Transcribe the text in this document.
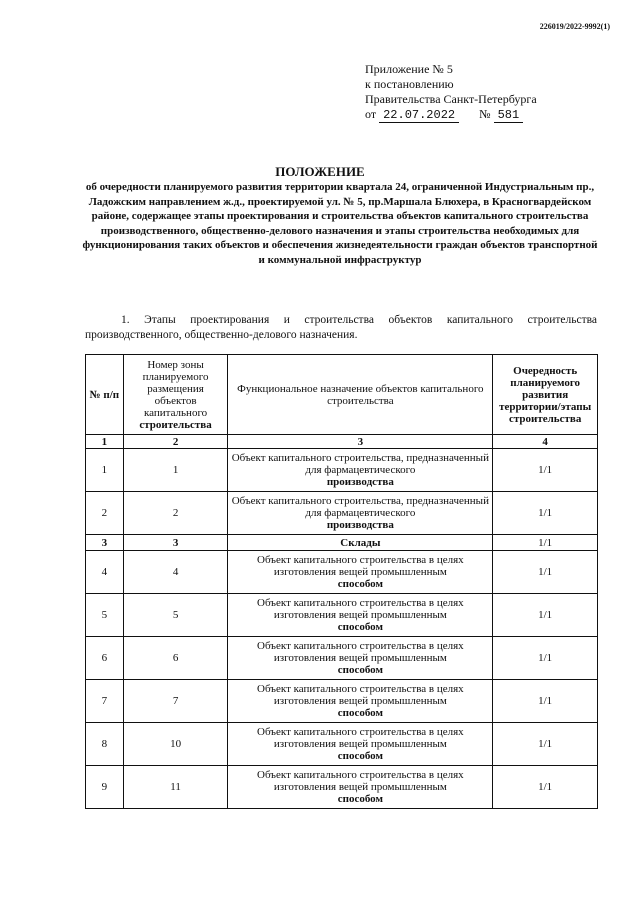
226019/2022-9992(1)
Приложение № 5
к постановлению
Правительства Санкт-Петербурга
от 22.07.2022 № 581
ПОЛОЖЕНИЕ
об очередности планируемого развития территории квартала 24, ограниченной Индустриальным пр., Ладожским направлением ж.д., проектируемой ул. № 5, пр.Маршала Блюхера, в Красногвардейском районе, содержащее этапы проектирования и строительства объектов капитального строительства производственного, общественно-делового назначения и этапы строительства необходимых для функционирования таких объектов и обеспечения жизнедеятельности граждан объектов транспортной и коммунальной инфраструктур
1. Этапы проектирования и строительства объектов капитального строительства производственного, общественно-делового назначения.
№ п/п	Номер зоны планируемого размещения объектов капитального строительства	Функциональное назначение объектов капитального строительства	Очередность планируемого развития территории/этапы строительства
1	2	3	4
1	1	Объект капитального строительства, предназначенный для фармацевтического
производства	1/1
2	2	Объект капитального строительства, предназначенный для фармацевтического
производства	1/1
3	3	Склады	1/1
4	4	Объект капитального строительства в целях изготовления вещей промышленным
способом	1/1
5	5	Объект капитального строительства в целях изготовления вещей промышленным
способом	1/1
6	6	Объект капитального строительства в целях изготовления вещей промышленным
способом	1/1
7	7	Объект капитального строительства в целях изготовления вещей промышленным
способом	1/1
8	10	Объект капитального строительства в целях изготовления вещей промышленным
способом	1/1
9	11	Объект капитального строительства в целях изготовления вещей промышленным
способом	1/1
